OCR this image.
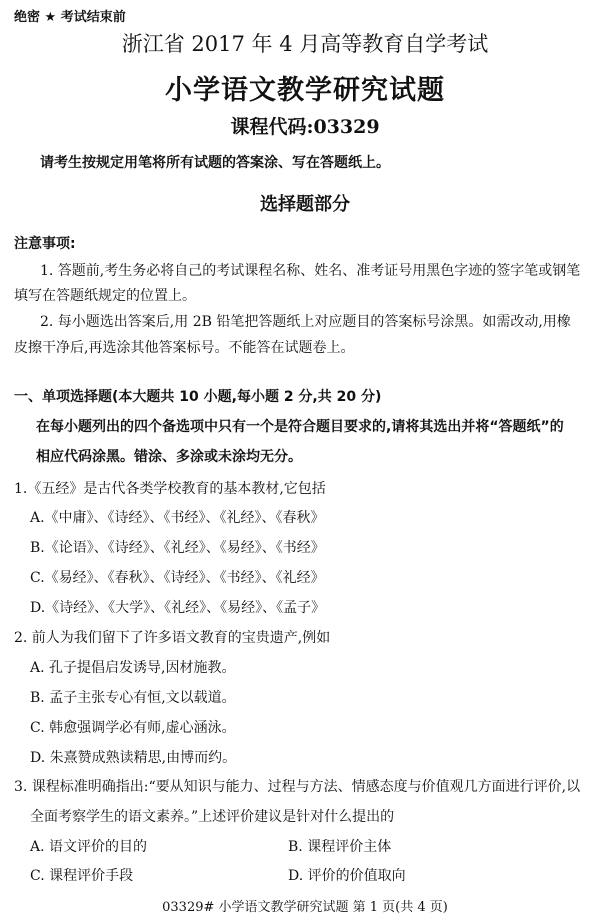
绝密 ★ 考试结束前
浙江省 2017 年 4 月高等教育自学考试
小学语文教学研究试题
课程代码:03329
请考生按规定用笔将所有试题的答案涂、写在答题纸上。
选择题部分
注意事项:
1. 答题前,考生务必将自己的考试课程名称、姓名、准考证号用黑色字迹的签字笔或钢笔
填写在答题纸规定的位置上。
2. 每小题选出答案后,用 2B 铅笔把答题纸上对应题目的答案标号涂黑。如需改动,用橡
皮擦干净后,再选涂其他答案标号。不能答在试题卷上。
一、单项选择题(本大题共 10 小题,每小题 2 分,共 20 分)
在每小题列出的四个备选项中只有一个是符合题目要求的,请将其选出并将“答题纸”的
相应代码涂黑。错涂、多涂或未涂均无分。
1.《五经》是古代各类学校教育的基本教材,它包括
A.《中庸》、《诗经》、《书经》、《礼经》、《春秋》
B.《论语》、《诗经》、《礼经》、《易经》、《书经》
C.《易经》、《春秋》、《诗经》、《书经》、《礼经》
D.《诗经》、《大学》、《礼经》、《易经》、《孟子》
2. 前人为我们留下了许多语文教育的宝贵遗产,例如
A. 孔子提倡启发诱导,因材施教。
B. 孟子主张专心有恒,文以载道。
C. 韩愈强调学必有师,虚心涵泳。
D. 朱熹赞成熟读精思,由博而约。
3. 课程标准明确指出:“要从知识与能力、过程与方法、情感态度与价值观几方面进行评价,以
全面考察学生的语文素养。”上述评价建议是针对什么提出的
A. 语文评价的目的	B. 课程评价主体
C. 课程评价手段	D. 评价的价值取向
03329# 小学语文教学研究试题 第 1 页(共 4 页)
